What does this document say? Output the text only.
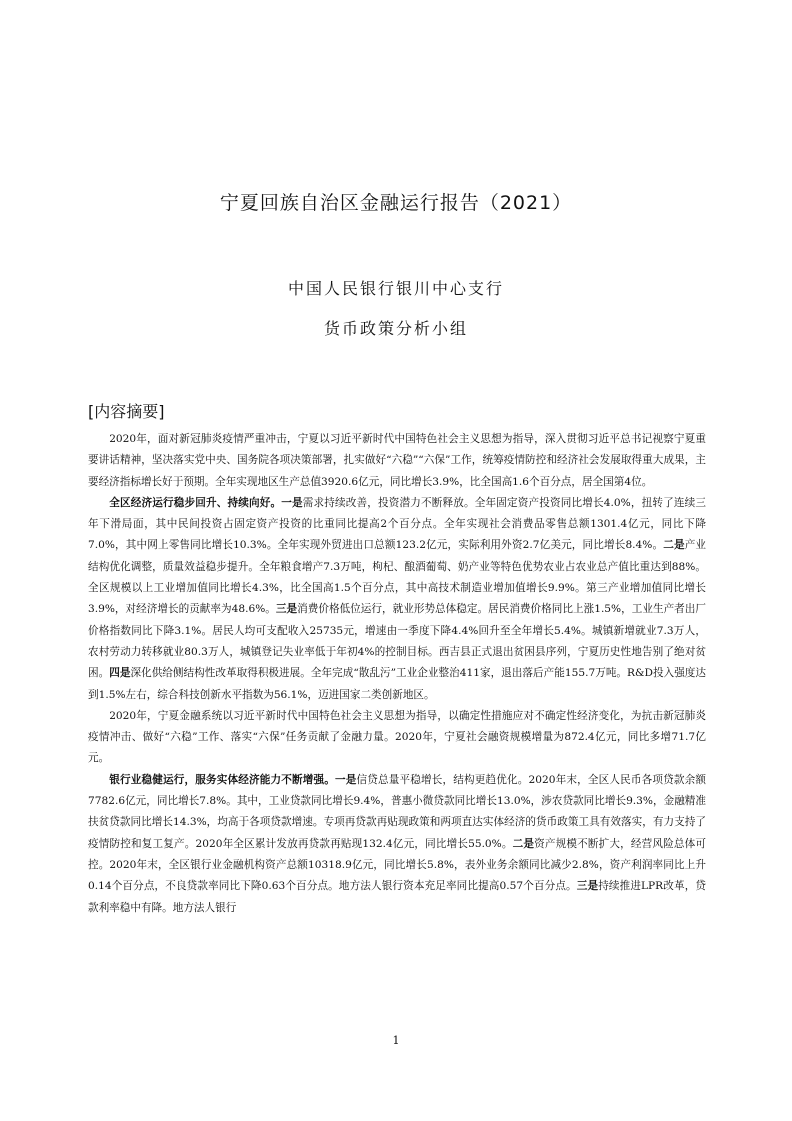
宁夏回族自治区金融运行报告（2021）
中国人民银行银川中心支行
货币政策分析小组
[内容摘要]

2020年，面对新冠肺炎疫情严重冲击，宁夏以习近平新时代中国特色社会主义思想为指导，深入贯彻习近平总书记视察宁夏重要讲话精神，坚决落实党中央、国务院各项决策部署，扎实做好“六稳”“六保”工作，统筹疫情防控和经济社会发展取得重大成果，主要经济指标增长好于预期。全年实现地区生产总值3920.6亿元，同比增长3.9%，比全国高1.6个百分点，居全国第4位。

全区经济运行稳步回升、持续向好。一是需求持续改善，投资潜力不断释放。全年固定资产投资同比增长4.0%，扭转了连续三年下滑局面，其中民间投资占固定资产投资的比重同比提高2个百分点。全年实现社会消费品零售总额1301.4亿元，同比下降7.0%，其中网上零售同比增长10.3%。全年实现外贸进出口总额123.2亿元，实际利用外资2.7亿美元，同比增长8.4%。二是产业结构优化调整，质量效益稳步提升。全年粮食增产7.3万吨，枸杞、酿酒葡萄、奶产业等特色优势农业占农业总产值比重达到88%。全区规模以上工业增加值同比增长4.3%，比全国高1.5个百分点，其中高技术制造业增加值增长9.9%。第三产业增加值同比增长3.9%，对经济增长的贡献率为48.6%。三是消费价格低位运行，就业形势总体稳定。居民消费价格同比上涨1.5%，工业生产者出厂价格指数同比下降3.1%。居民人均可支配收入25735元，增速由一季度下降4.4%回升至全年增长5.4%。城镇新增就业7.3万人，农村劳动力转移就业80.3万人，城镇登记失业率低于年初4%的控制目标。西吉县正式退出贫困县序列，宁夏历史性地告别了绝对贫困。四是深化供给侧结构性改革取得积极进展。全年完成“散乱污”工业企业整治411家，退出落后产能155.7万吨。R&D投入强度达到1.5%左右，综合科技创新水平指数为56.1%，迈进国家二类创新地区。

2020年，宁夏金融系统以习近平新时代中国特色社会主义思想为指导，以确定性措施应对不确定性经济变化，为抗击新冠肺炎疫情冲击、做好“六稳”工作、落实“六保”任务贡献了金融力量。2020年，宁夏社会融资规模增量为872.4亿元，同比多增71.7亿元。

银行业稳健运行，服务实体经济能力不断增强。一是信贷总量平稳增长，结构更趋优化。2020年末，全区人民币各项贷款余额7782.6亿元，同比增长7.8%。其中，工业贷款同比增长9.4%，普惠小微贷款同比增长13.0%，涉农贷款同比增长9.3%，金融精准扶贫贷款同比增长14.3%，均高于各项贷款增速。专项再贷款再贴现政策和两项直达实体经济的货币政策工具有效落实，有力支持了疫情防控和复工复产。2020年全区累计发放再贷款再贴现132.4亿元，同比增长55.0%。二是资产规模不断扩大，经营风险总体可控。2020年末，全区银行业金融机构资产总额10318.9亿元，同比增长5.8%，表外业务余额同比减少2.8%，资产利润率同比上升0.14个百分点，不良贷款率同比下降0.63个百分点。地方法人银行资本充足率同比提高0.57个百分点。三是持续推进LPR改革，贷款利率稳中有降。地方法人银行

1
